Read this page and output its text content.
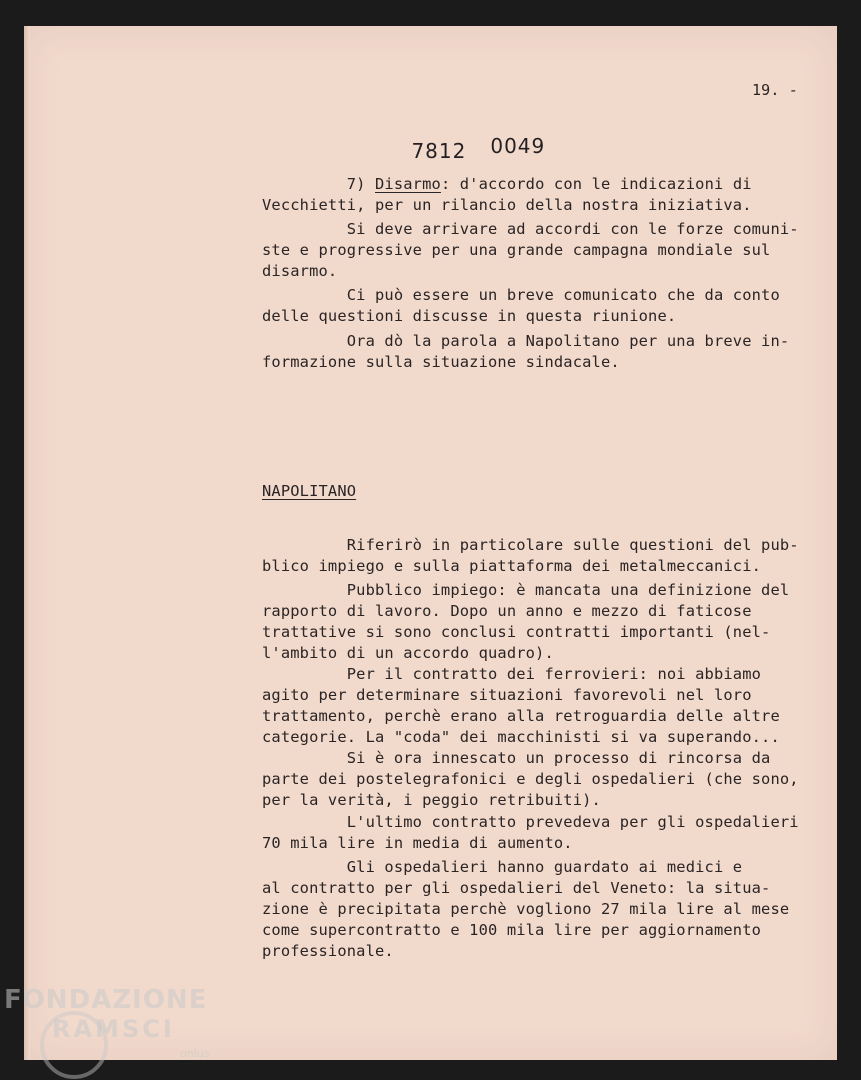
19. -

7812 0049

7) Disarmo: d'accordo con le indicazioni di
Vecchietti, per un rilancio della nostra iniziativa.
Si deve arrivare ad accordi con le forze comuni-
ste e progressive per una grande campagna mondiale sul
disarmo.
Ci può essere un breve comunicato che da conto
delle questioni discusse in questa riunione.
Ora dò la parola a Napolitano per una breve in-
formazione sulla situazione sindacale.
NAPOLITANO
Riferirò in particolare sulle questioni del pub-
blico impiego e sulla piattaforma dei metalmeccanici.
Pubblico impiego: è mancata una definizione del
rapporto di lavoro. Dopo un anno e mezzo di faticose
trattative si sono conclusi contratti importanti (nel-
l'ambito di un accordo quadro).
Per il contratto dei ferrovieri: noi abbiamo
agito per determinare situazioni favorevoli nel loro
trattamento, perchè erano alla retroguardia delle altre
categorie. La "coda" dei macchinisti si va superando...
Si è ora innescato un processo di rincorsa da
parte dei postelegrafonici e degli ospedalieri (che sono,
per la verità, i peggio retribuiti).
L'ultimo contratto prevedeva per gli ospedalieri
70 mila lire in media di aumento.
Gli ospedalieri hanno guardato ai medici e
al contratto per gli ospedalieri del Veneto: la situa-
zione è precipitata perchè vogliono 27 mila lire al mese
come supercontratto e 100 mila lire per aggiornamento
professionale.
FONDAZIONE
RAMSCI
onlus
